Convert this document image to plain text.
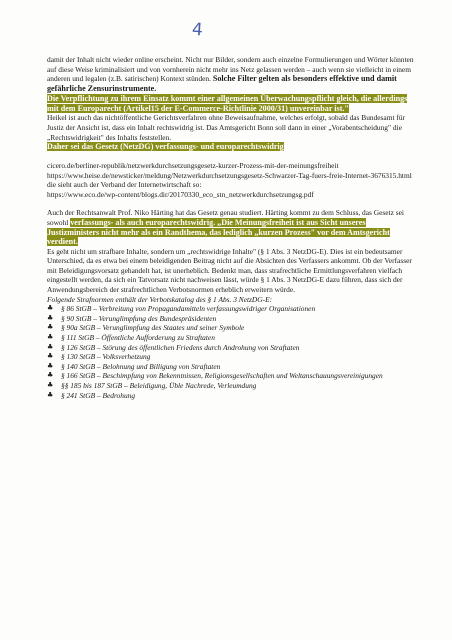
4

damit der Inhalt nicht wieder online erscheint. Nicht nur Bilder, sondern auch einzelne Formulierungen und Wörter könnten auf diese Weise kriminalisiert und von vornherein nicht mehr ins Netz gelassen werden – auch wenn sie vielleicht in einem anderen und legalen (z.B. satirischen) Kontext stünden. Solche Filter gelten als besonders effektive und damit gefährliche Zensurinstrumente.

Die Verpflichtung zu ihrem Einsatz kommt einer allgemeinen Überwachungspflicht gleich, die allerdings mit dem Europarecht (Artikel15 der E-Commerce-Richtlinie 2000/31) unvereinbar ist."

Heikel ist auch das nichtöffentliche Gerichtsverfahren ohne Beweisaufnahme, welches erfolgt, sobald das Bundesamt für Justiz der Ansicht ist, dass ein Inhalt rechtswidrig ist. Das Amtsgericht Bonn soll dann in einer „Vorabentscheidung" die „Rechtswidrigkeit" des Inhalts feststellen.

Daher sei das Gesetz (NetzDG) verfassungs- und europarechtswidrig

cicero.de/berliner-republik/netzwerkdurchsetzungsgesetz-kurzer-Prozess-mit-der-meinungsfreiheit

https://www.heise.de/newsticker/meldung/Netzwerkdurchsetzungsgesetz-Schwarzer-Tag-fuers-freie-Internet-3676315.html

die sieht auch der Verband der Internetwirtschaft so:

https://www.eco.de/wp-content/blogs.dir/20170330_eco_stn_netzwerkdurchsetzungsg.pdf

Auch der Rechtsanwalt Prof. Niko Härting hat das Gesetz genau studiert. Härting kommt zu dem Schluss, das Gesetz sei sowohl verfassungs- als auch europarechtswidrig. „Die Meinungsfreiheit ist aus Sicht unseres Justizministers nicht mehr als ein Randthema, das lediglich „kurzen Prozess" vor dem Amtsgericht verdient.

Es geht nicht um strafbare Inhalte, sondern um „rechtswidrige Inhalte" (§ 1 Abs. 3 NetzDG-E). Dies ist ein bedeutsamer Unterschied, da es etwa bei einem beleidigenden Beitrag nicht auf die Absichten des Verfassers ankommt. Ob der Verfasser mit Beleidigungsvorsatz gehandelt hat, ist unerheblich. Bedenkt man, dass strafrechtliche Ermittlungsverfahren vielfach eingestellt werden, da sich ein Tatvorsatz nicht nachweisen lässt, würde § 1 Abs. 3 NetzDG-E dazu führen, dass sich der Anwendungsbereich der strafrechtlichen Verbotsnormen erheblich erweitern würde.

Folgende Strafnormen enthält der Verbotskatalog des § 1 Abs. 3 NetzDG-E:

♣ § 86 StGB – Verbreitung von Propagandamitteln verfassungswidriger Organisationen
♣ § 90 StGB – Verunglimpfung des Bundespräsidenten
♣ § 90a StGB – Verunglimpfung des Staates und seiner Symbole
♣ § 111 StGB – Öffentliche Aufforderung zu Straftaten
♣ § 126 StGB – Störung des öffentlichen Friedens durch Androhung von Straftaten
♣ § 130 StGB – Volksverhetzung
♣ § 140 StGB – Belohnung und Billigung von Straftaten
♣ § 166 StGB – Beschimpfung von Bekenntnissen, Religionsgesellschaften und Weltanschauungsvereinigungen
♣ §§ 185 bis 187 StGB – Beleidigung, Üble Nachrede, Verleumdung
♣ § 241 StGB – Bedrohung
